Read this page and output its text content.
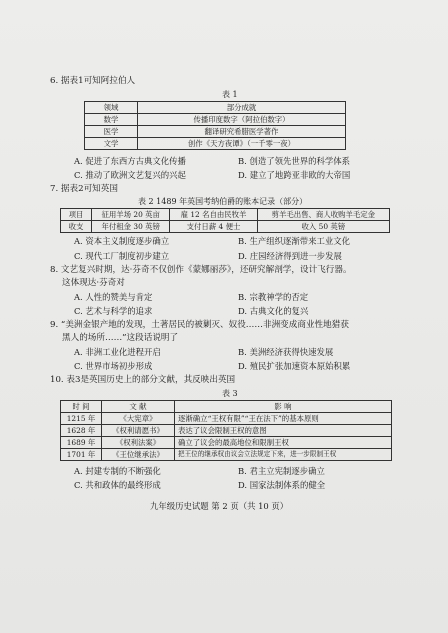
6. 据表1可知阿拉伯人
表 1
领域	部分成就
数学	传播印度数字（阿拉伯数字）
医学	翻译研究希腊医学著作
文学	创作《天方夜谭》（一千零一夜）
A. 促进了东西方古典文化传播	B. 创造了领先世界的科学体系
C. 推动了欧洲文艺复兴的兴起	D. 建立了地跨亚非欧的大帝国
7. 据表2可知英国
表 2 1489 年英国考纳伯爵的账本记录（部分）
项目	征用羊场 20 英亩	雇 12 名自由民牧羊	剪羊毛出售、商人收购羊毛定金
收支	年付租金 30 英镑	支付日薪 4 便士	收入 50 英镑
A. 资本主义制度逐步确立	B. 生产组织逐渐带来工业文化
C. 现代工厂制度初步建立	D. 庄园经济得到进一步发展
8. 文艺复兴时期，达·芬奇不仅创作《蒙娜丽莎》，还研究解剖学，设计飞行器。
这体现达·芬奇对
A. 人性的赞美与肯定	B. 宗教神学的否定
C. 艺术与科学的追求	D. 古典文化的复兴
9. “美洲金银产地的发现，土著居民的被剿灭、奴役……非洲变成商业性地猎获
黑人的场所……”这段话说明了
A. 非洲工业化进程开启	B. 美洲经济获得快速发展
C. 世界市场初步形成	D. 殖民扩张加速资本原始积累
10. 表3是英国历史上的部分文献，其反映出英国
表 3
时 间	文 献	影 响
1215 年	《大宪章》	逐渐确立“王权有限”“王在法下”的基本原则
1628 年	《权利请愿书》	表达了议会限制王权的意图
1689 年	《权利法案》	确立了议会的最高地位和限制王权
1701 年	《王位继承法》	把王位的继承权由议会立法规定下来，进一步限制王权
A. 封建专制的不断强化	B. 君主立宪制逐步确立
C. 共和政体的最终形成	D. 国家法制体系的健全
九年级历史试题 第 2 页（共 10 页）
